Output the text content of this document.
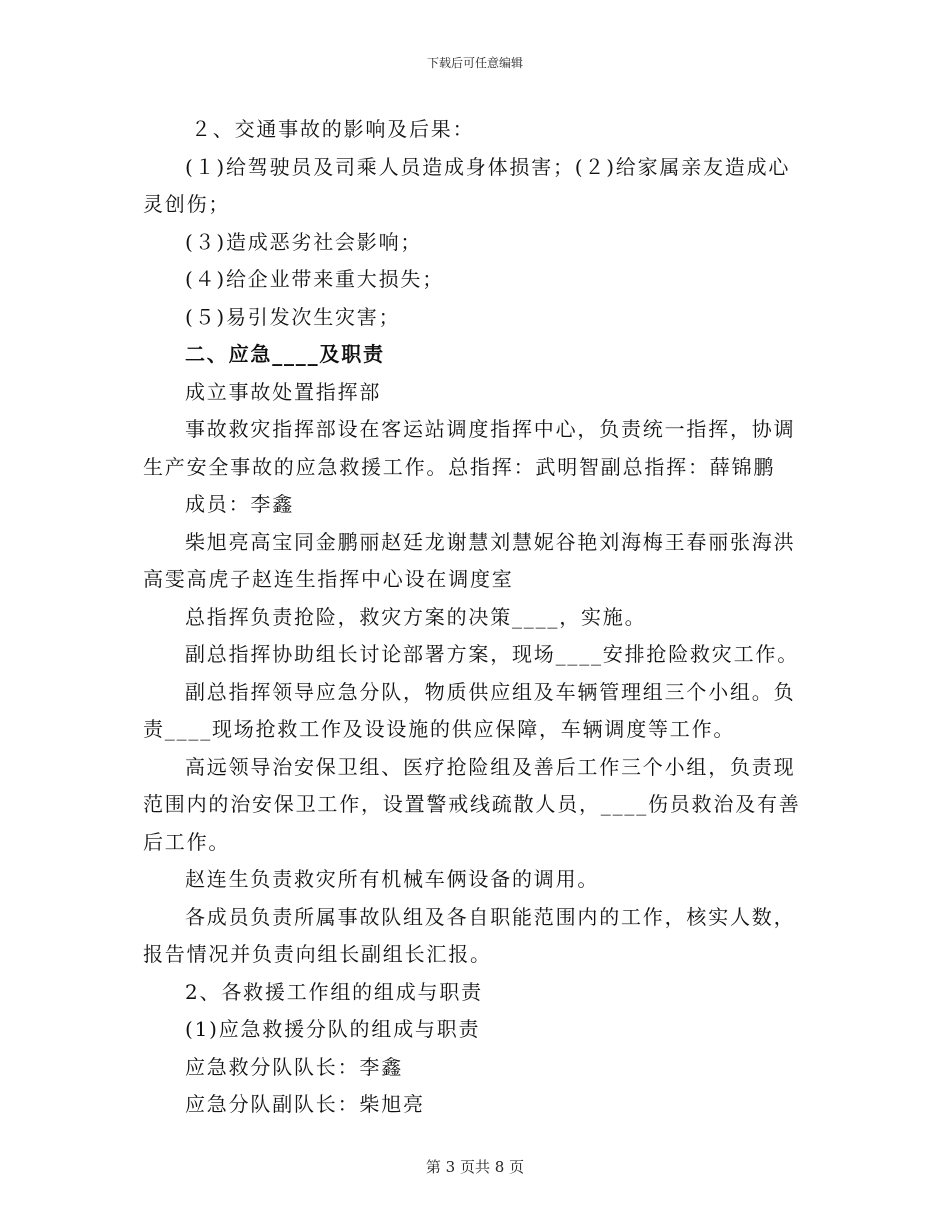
下载后可任意编辑

２、交通事故的影响及后果：

(１)给驾驶员及司乘人员造成身体损害；(２)给家属亲友造成心

灵创伤；

(３)造成恶劣社会影响；

(４)给企业带来重大损失；

(５)易引发次生灾害；

二、应急____及职责

成立事故处置指挥部

事故救灾指挥部设在客运站调度指挥中心，负责统一指挥，协调

生产安全事故的应急救援工作。总指挥：武明智副总指挥：薛锦鹏

成员：李鑫

柴旭亮高宝同金鹏丽赵廷龙谢慧刘慧妮谷艳刘海梅王春丽张海洪

高雯高虎子赵连生指挥中心设在调度室

总指挥负责抢险，救灾方案的决策____，实施。

副总指挥协助组长讨论部署方案，现场____安排抢险救灾工作。

副总指挥领导应急分队，物质供应组及车辆管理组三个小组。负

责____现场抢救工作及设设施的供应保障，车辆调度等工作。

高远领导治安保卫组、医疗抢险组及善后工作三个小组，负责现

范围内的治安保卫工作，设置警戒线疏散人员，____伤员救治及有善

后工作。

赵连生负责救灾所有机械车俩设备的调用。

各成员负责所属事故队组及各自职能范围内的工作，核实人数，

报告情况并负责向组长副组长汇报。

2、各救援工作组的组成与职责

(1)应急救援分队的组成与职责

应急救分队队长：李鑫

应急分队副队长：柴旭亮

第 3 页共 8 页
